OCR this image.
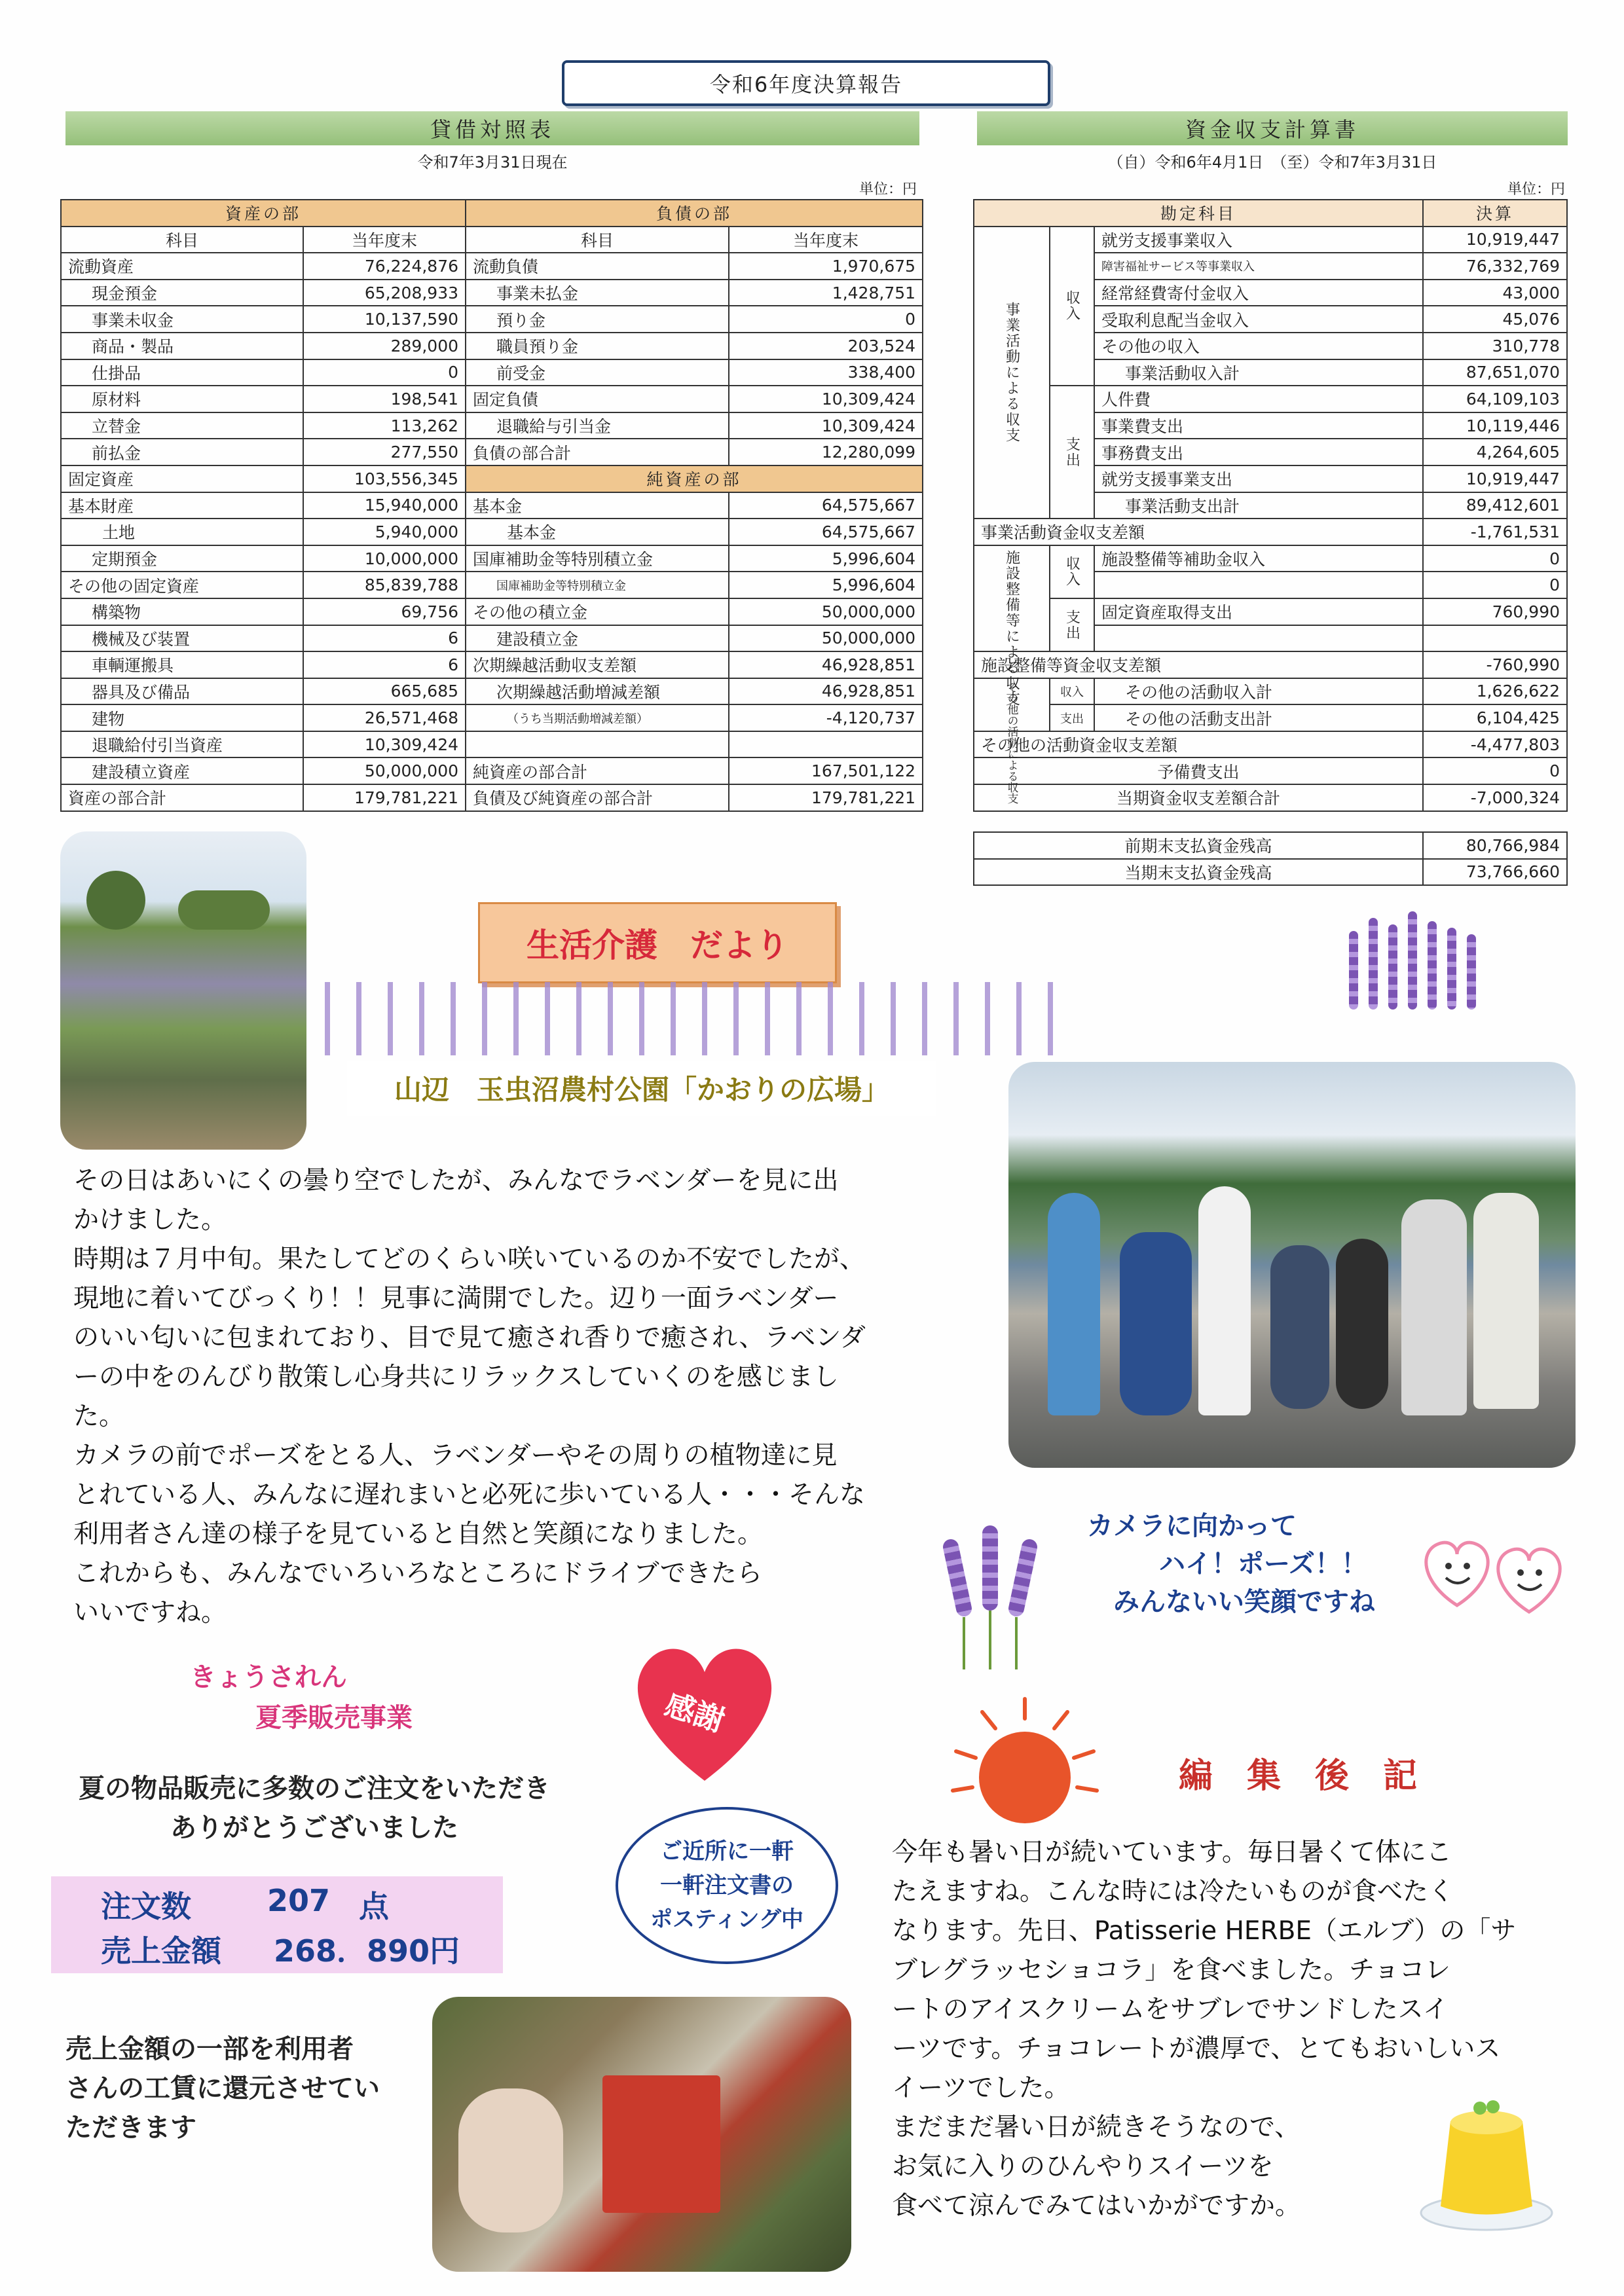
令和6年度決算報告
貸借対照表
令和7年3月31日現在
単位：円
資産の部		負債の部	
科目	当年度末	科目	当年度末
流動資産	76,224,876	流動負債	1,970,675
現金預金	65,208,933	事業未払金	1,428,751
事業未収金	10,137,590	預り金	0
商品・製品	289,000	職員預り金	203,524
仕掛品	0	前受金	338,400
原材料	198,541	固定負債	10,309,424
立替金	113,262	退職給与引当金	10,309,424
前払金	277,550	負債の部合計	12,280,099
固定資産	103,556,345	純資産の部	
基本財産	15,940,000	基本金	64,575,667
土地	5,940,000	基本金	64,575,667
定期預金	10,000,000	国庫補助金等特別積立金	5,996,604
その他の固定資産	85,839,788	国庫補助金等特別積立金	5,996,604
構築物	69,756	その他の積立金	50,000,000
機械及び装置	6	建設積立金	50,000,000
車輌運搬具	6	次期繰越活動収支差額	46,928,851
器具及び備品	665,685	次期繰越活動増減差額	46,928,851
建物	26,571,468	（うち当期活動増減差額）	-4,120,737
退職給付引当資産	10,309,424		
建設積立資産	50,000,000	純資産の部合計	167,501,122
資産の部合計	179,781,221	負債及び純資産の部合計	179,781,221
資金収支計算書
（自）令和6年4月1日　（至）令和7年3月31日
単位：円
勘定科目			決算
事業活動による収支	収入	就労支援事業収入	10,919,447
		障害福祉サービス等事業収入	76,332,769
		経常経費寄付金収入	43,000
		受取利息配当金収入	45,076
		その他の収入	310,778
		事業活動収入計	87,651,070
	支出	人件費	64,109,103
		事業費支出	10,119,446
		事務費支出	4,264,605
		就労支援事業支出	10,919,447
		事業活動支出計	89,412,601
事業活動資金収支差額			-1,761,531
施設整備等による収支	収入	施設整備等補助金収入	0
			0
	支出	固定資産取得支出	760,990

施設整備等資金収支差額			-760,990
その他の活動による収支	収入	その他の活動収入計	1,626,622
	支出	その他の活動支出計	6,104,425
その他の活動資金収支差額			-4,477,803
予備費支出			0
当期資金収支差額合計			-7,000,324
前期末支払資金残高	80,766,984
当期末支払資金残高	73,766,660
生活介護　だより
山辺　玉虫沼農村公園「かおりの広場」
その日はあいにくの曇り空でしたが、みんなでラベンダーを見に出
かけました。
時期は７月中旬。果たしてどのくらい咲いているのか不安でしたが、
現地に着いてびっくり！！見事に満開でした。辺り一面ラベンダー
のいい匂いに包まれており、目で見て癒され香りで癒され、ラベンダ
ーの中をのんびり散策し心身共にリラックスしていくのを感じまし
た。
カメラの前でポーズをとる人、ラベンダーやその周りの植物達に見
とれている人、みんなに遅れまいと必死に歩いている人・・・そんな
利用者さん達の様子を見ていると自然と笑顔になりました。
これからも、みんなでいろいろなところにドライブできたら
いいですね。
カメラに向かって
ハイ！ポーズ！！
みんないい笑顔ですね
きょうされん
夏季販売事業	感謝
夏の物品販売に多数のご注文をいただき
ありがとうございました
ご近所に一軒
一軒注文書の
ポスティング中
注文数	207 点
売上金額 268．890円
売上金額の一部を利用者
さんの工賃に還元させてい
ただきます
編　集　後　記
今年も暑い日が続いています。毎日暑くて体にこ
たえますね。こんな時には冷たいものが食べたく
なります。先日、Patisserie HERBE（エルブ）の「サ
ブレグラッセショコラ」を食べました。チョコレ
ートのアイスクリームをサブレでサンドしたスイ
ーツです。チョコレートが濃厚で、とてもおいしいス
イーツでした。
まだまだ暑い日が続きそうなので、
お気に入りのひんやりスイーツを
食べて涼んでみてはいかがですか。
